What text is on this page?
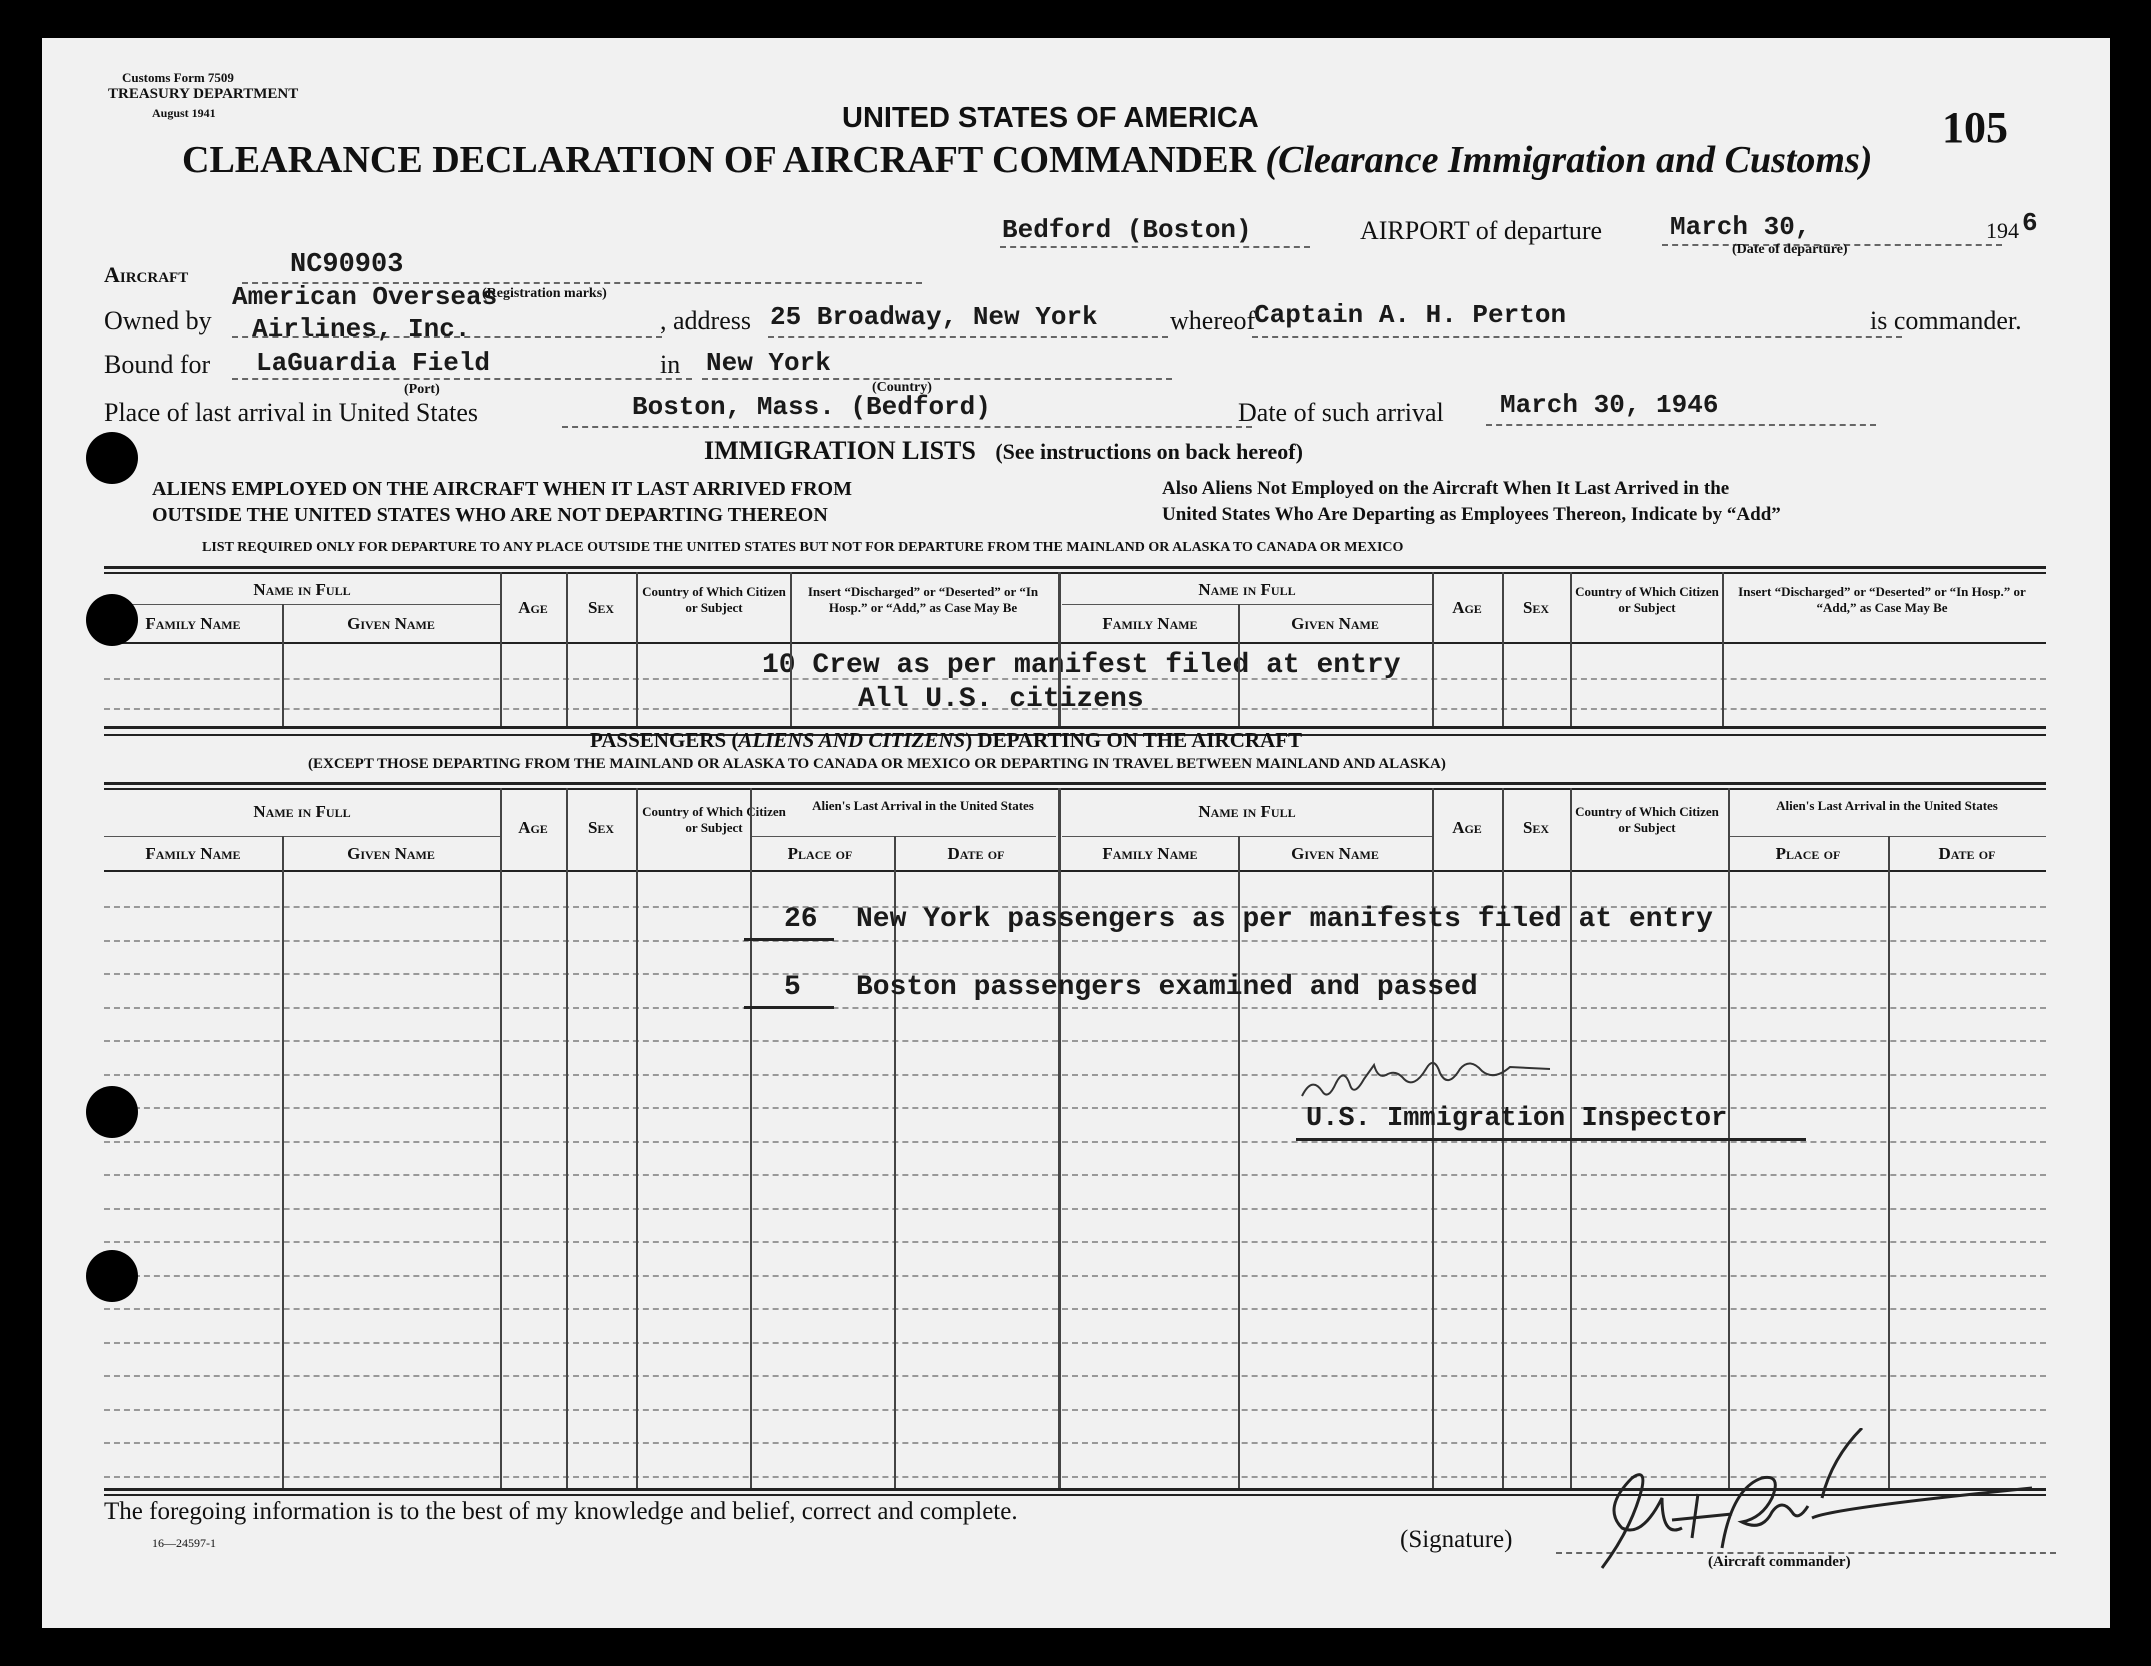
Customs Form 7509
TREASURY DEPARTMENT
August 1941	105
UNITED STATES OF AMERICA
CLEARANCE DECLARATION OF AIRCRAFT COMMANDER (Clearance Immigration and Customs)
Bedford (Boston)	AIRPORT of departure	March 30,
(Date of departure)
194 6
Aircraft	NC90903
(Registration marks)
Owned by
American Overseas
Airlines, Inc.	, address 25 Broadway, New York	whereof
Captain A. H. Perton	is commander.
Bound for LaGuardia Field
(Port)
in New York
(Country)
Place of last arrival in United States	Boston, Mass. (Bedford)	Date of such arrival March 30, 1946
IMMIGRATION LISTS (See instructions on back hereof)
ALIENS EMPLOYED ON THE AIRCRAFT WHEN IT LAST ARRIVED FROM
OUTSIDE THE UNITED STATES WHO ARE NOT DEPARTING THEREON
Also Aliens Not Employed on the Aircraft When It Last Arrived in the
United States Who Are Departing as Employees Thereon, Indicate by “Add”
LIST REQUIRED ONLY FOR DEPARTURE TO ANY PLACE OUTSIDE THE UNITED STATES BUT NOT FOR DEPARTURE FROM THE MAINLAND OR ALASKA TO CANADA OR MEXICO
Name in Full
Family Name	Given Name
Age	Sex
Country of Which Citizen or Subject
Insert “Discharged” or “Deserted” or “In Hosp.” or “Add,” as Case May Be
Name in Full
Family Name	Given Name
Age	Sex
Country of Which Citizen or Subject
Insert “Discharged” or “Deserted” or “In Hosp.” or “Add,” as Case May Be
10 Crew as per manifest filed at entry
All U.S. citizens
PASSENGERS (ALIENS AND CITIZENS) DEPARTING ON THE AIRCRAFT
(EXCEPT THOSE DEPARTING FROM THE MAINLAND OR ALASKA TO CANADA OR MEXICO OR DEPARTING IN TRAVEL BETWEEN MAINLAND AND ALASKA)
Name in Full
Family Name	Given Name
Age	Sex
Country of Which Citizen or Subject
Alien's Last Arrival in the United States
Place of	Date of
Name in Full
Family Name	Given Name
Age	Sex
Country of Which Citizen or Subject
Alien's Last Arrival in the United States
Place of	Date of
26 New York passengers as per manifests filed at entry
5 Boston passengers examined and passed
U.S. Immigration Inspector
The foregoing information is to the best of my knowledge and belief, correct and complete.
16—24597-1	(Signature)
(Aircraft commander)
